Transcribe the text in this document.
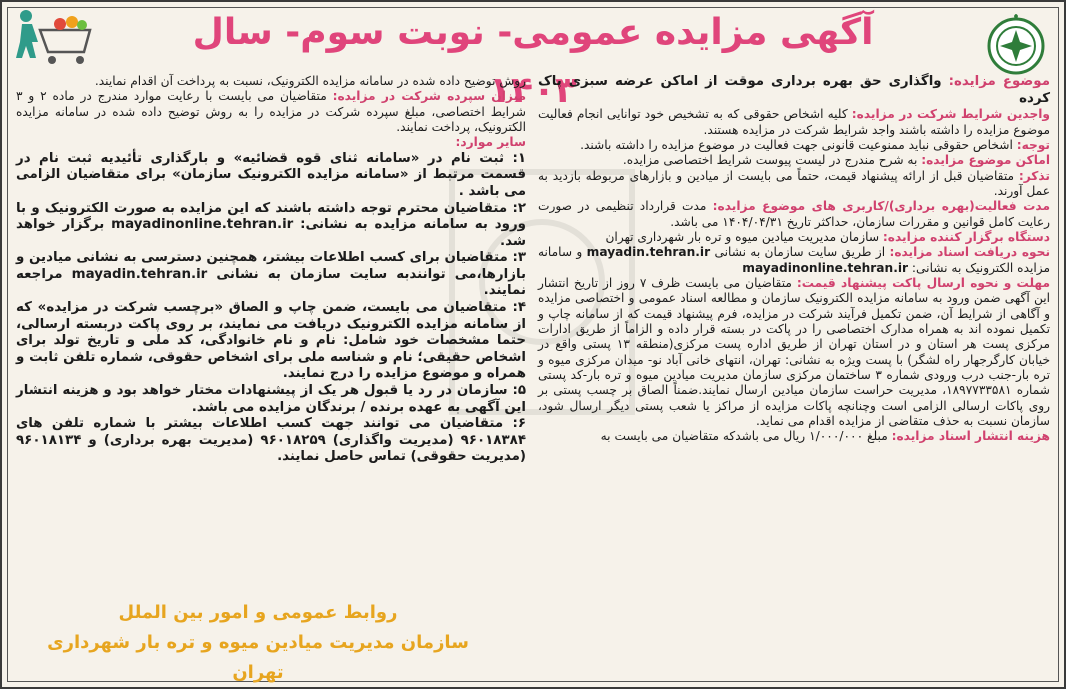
آگهی مزایده عمومی- نوبت سوم- سال ۱۴۰۳	موضوع مزایده: واگذاری حق بهره برداری موقت از اماکن عرضه سبزی پاک کرده

واجدین شرایط شرکت در مزایده: کلیه اشخاص حقوقی که به تشخیص خود توانایی انجام فعالیت موضوع مزایده را داشته باشند واجد شرایط شرکت در مزایده هستند.

توجه: اشخاص حقوقی نباید ممنوعیت قانونی جهت فعالیت در موضوع مزایده را داشته باشند.

اماکن موضوع مزایده: به شرح مندرج در لیست پیوست شرایط اختصاصی مزایده.

تذکر: متقاضیان قبل از ارائه پیشنهاد قیمت، حتماً می بایست از میادین و بازارهای مربوطه بازدید به عمل آورند.

مدت فعالیت(بهره برداری)/کاربری های موضوع مزایده: مدت قرارداد تنظیمی در صورت رعایت کامل قوانین و مقررات سازمان، حداکثر تاریخ ۱۴۰۴/۰۴/۳۱ می باشد.

دستگاه برگزار کننده مزایده: سازمان مدیریت میادین میوه و تره بار شهرداری تهران

نحوه دریافت اسناد مزایده: از طریق سایت سازمان به نشانی mayadin.tehran.ir و سامانه مزایده الکترونیک به نشانی: mayadinonline.tehran.ir

مهلت و نحوه ارسال پاکت پیشنهاد قیمت: متقاضیان می بایست ظرف ۷ روز از تاریخ انتشار این آگهی ضمن ورود به سامانه مزایده الکترونیک سازمان و مطالعه اسناد عمومی و اختصاصی مزایده و آگاهی از شرایط آن، ضمن تکمیل فرآیند شرکت در مزایده، فرم پیشنهاد قیمت که از سامانه چاپ و تکمیل نموده اند به همراه مدارک اختصاصی را در پاکت در بسته قرار داده و الزاماً از طریق ادارات مرکزی پست هر استان و در استان تهران از طریق اداره پست مرکزی(منطقه ۱۳ پستی واقع در خیابان کارگرجهار راه لشگر) با پست ویژه به نشانی: تهران، انتهای خانی آباد نو- میدان مرکزی میوه و تره بار-جنب درب ورودی شماره ۳ ساختمان مرکزی سازمان مدیریت میادین میوه و تره بار-کد پستی شماره ۱۸۹۷۷۳۳۵۸۱، مدیریت حراست سازمان میادین ارسال نمایند.ضمناً الصاق بر چسب پستی بر روی پاکات ارسالی الزامی است وچنانچه پاکات مزایده از مراکز یا شعب پستی دیگر ارسال شود، سازمان نسبت به حذف متقاضی از مزایده اقدام می نماید.

هزینه انتشار اسناد مزایده: مبلغ ۱/۰۰۰/۰۰۰ ریال می باشدکه متقاضیان می بایست به

روش توضیح داده شده در سامانه مزایده الکترونیک، نسبت به پرداخت آن اقدام نمایند.

میزان سپرده شرکت در مزایده: متقاضیان می بایست با رعایت موارد مندرج در ماده ۲ و ۳ شرایط اختصاصی، مبلغ سپرده شرکت در مزایده را به روش توضیح داده شده در سامانه مزایده الکترونیک، پرداخت نمایند.

سایر موارد:

۱: ثبت نام در «سامانه ثنای قوه قضائیه» و بارگذاری تأئیدیه ثبت نام در قسمت مرتبط از «سامانه مزایده الکترونیک سازمان» برای متقاضیان الزامی می باشد .

۲: متقاضیان محترم توجه داشته باشند که این مزایده به صورت الکترونیک و با ورود به سامانه مزایده به نشانی: mayadinonline.tehran.ir برگزار خواهد شد.

۳: متقاضیان برای کسب اطلاعات بیشتر، همچنین دسترسی به نشانی میادین و بازارها،می توانندبه سایت سازمان به نشانی mayadin.tehran.ir مراجعه نمایند.

۴: متقاضیان می بایست، ضمن چاپ و الصاق «برچسب شرکت در مزایده» که از سامانه مزایده الکترونیک دریافت می نمایند، بر روی پاکت دربسته ارسالی، حتما مشخصات خود شامل: نام و نام خانوادگی، کد ملی و تاریخ تولد برای اشخاص حقیقی؛ نام و شناسه ملی برای اشخاص حقوقی، شماره تلفن ثابت و همراه و موضوع مزایده را درج نمایند.

۵: سازمان در رد یا قبول هر یک از پیشنهادات مختار خواهد بود و هزینه انتشار این آگهی به عهده برنده / برندگان مزایده می باشد.

۶: متقاضیان می توانند جهت کسب اطلاعات بیشتر با شماره تلفن های ۹۶۰۱۸۳۸۴ (مدیریت واگذاری) ۹۶۰۱۸۲۵۹ (مدیریت بهره برداری) و ۹۶۰۱۸۱۳۴ (مدیریت حقوقی) تماس حاصل نمایند.

روابط عمومی و امور بین الملل
سازمان مدیریت میادین میوه و تره بار شهرداری تهران
